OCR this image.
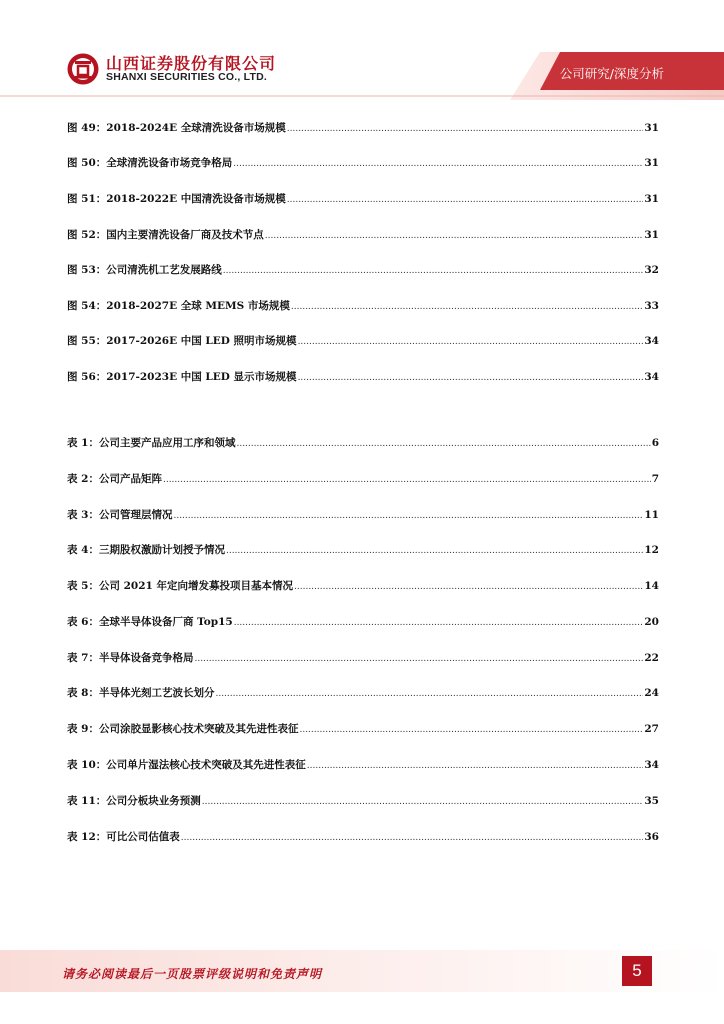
山西证券股份有限公司
SHANXI SECURITIES CO., LTD.	公司研究/深度分析
图 49： 2018-2024E 全球清洗设备市场规模 .....	31
图 50： 全球清洗设备市场竞争格局 .....	31
图 51： 2018-2022E 中国清洗设备市场规模 .....	31
图 52： 国内主要清洗设备厂商及技术节点 .....	31
图 53： 公司清洗机工艺发展路线 .....	32
图 54： 2018-2027E 全球 MEMS 市场规模 .....	33
图 55： 2017-2026E 中国 LED 照明市场规模 .....	34
图 56： 2017-2023E 中国 LED 显示市场规模 .....	34
表 1： 公司主要产品应用工序和领域 .....	6
表 2： 公司产品矩阵 .....	7
表 3： 公司管理层情况 .....	11
表 4： 三期股权激励计划授予情况 .....	12
表 5： 公司 2021 年定向增发募投项目基本情况 .....	14
表 6： 全球半导体设备厂商 Top15 .....	20
表 7： 半导体设备竞争格局 .....	22
表 8： 半导体光刻工艺波长划分 .....	24
表 9： 公司涂胶显影核心技术突破及其先进性表征 .....	27
表 10： 公司单片湿法核心技术突破及其先进性表征 .....	34
表 11： 公司分板块业务预测 .....	35
表 12： 可比公司估值表 .....	36
请务必阅读最后一页股票评级说明和免责声明	5
